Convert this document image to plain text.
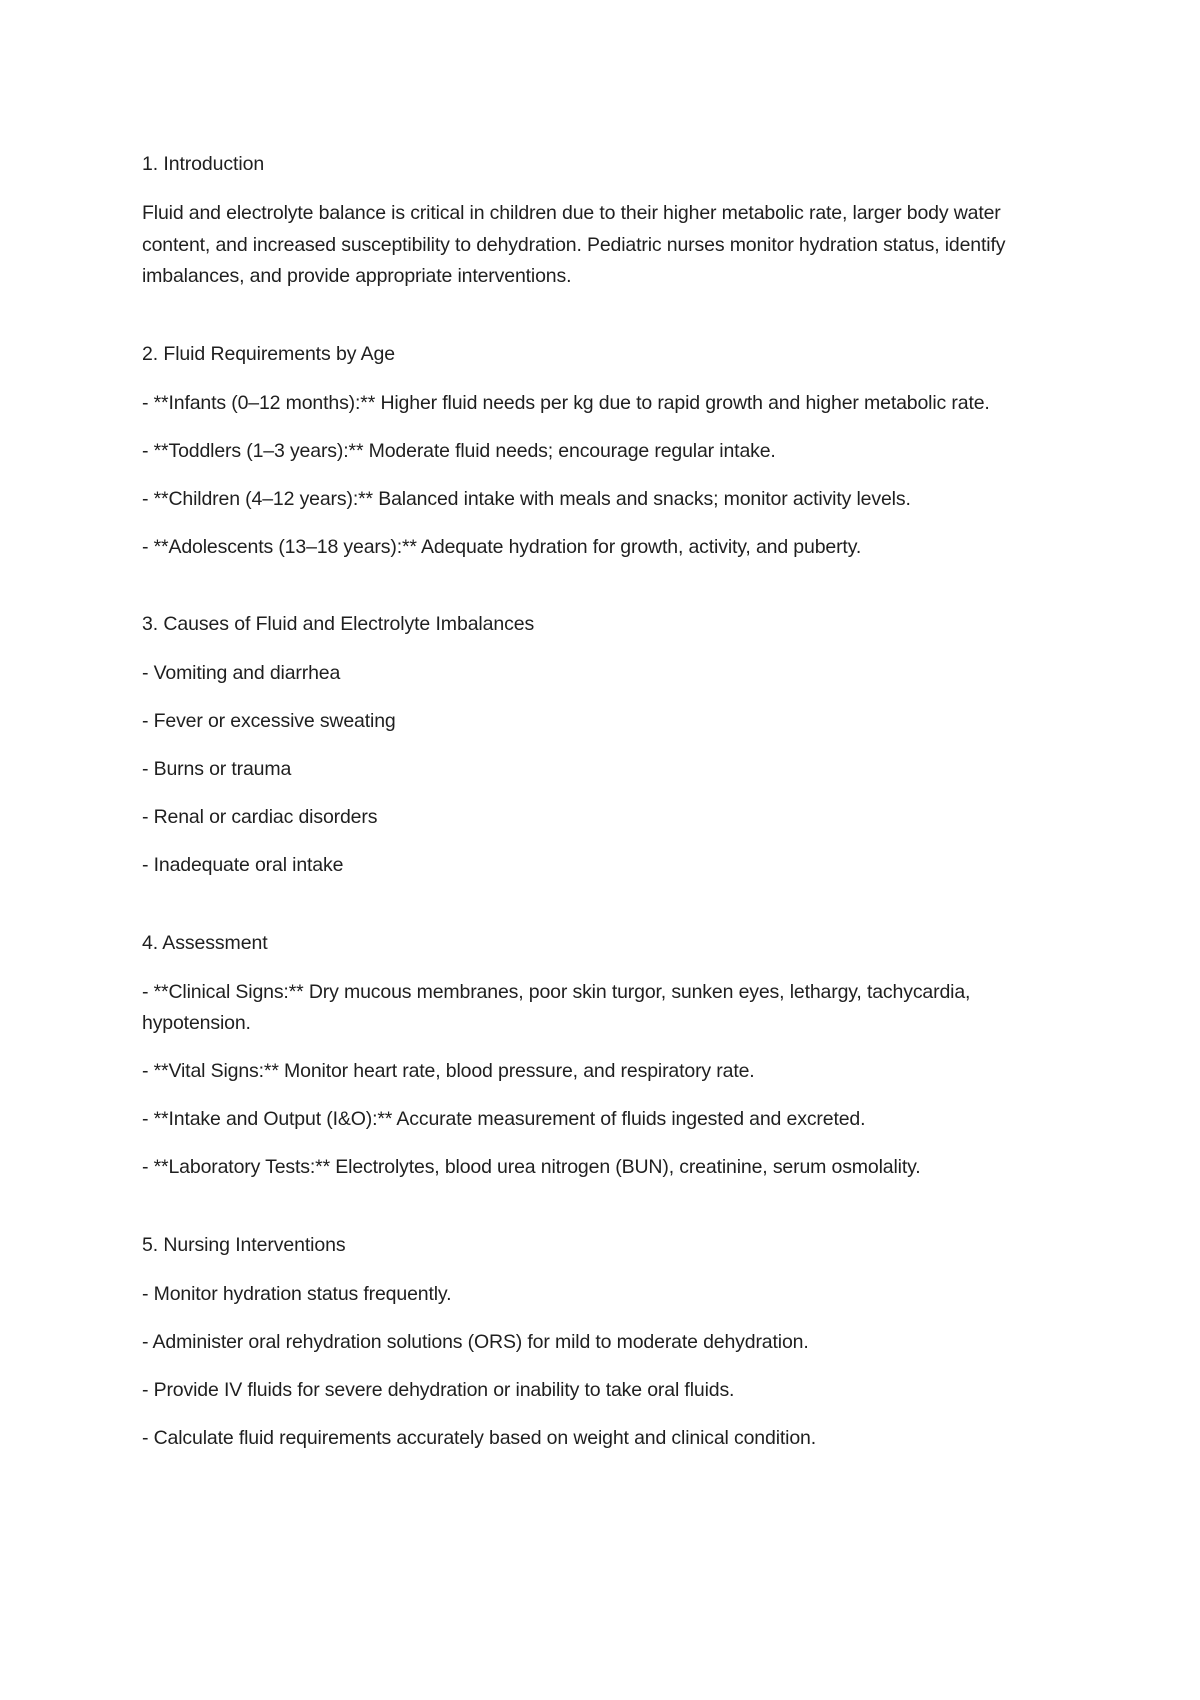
1. Introduction

Fluid and electrolyte balance is critical in children due to their higher metabolic rate, larger body water content, and increased susceptibility to dehydration. Pediatric nurses monitor hydration status, identify imbalances, and provide appropriate interventions.

2. Fluid Requirements by Age

- **Infants (0–12 months):** Higher fluid needs per kg due to rapid growth and higher metabolic rate.

- **Toddlers (1–3 years):** Moderate fluid needs; encourage regular intake.

- **Children (4–12 years):** Balanced intake with meals and snacks; monitor activity levels.

- **Adolescents (13–18 years):** Adequate hydration for growth, activity, and puberty.

3. Causes of Fluid and Electrolyte Imbalances

- Vomiting and diarrhea

- Fever or excessive sweating

- Burns or trauma

- Renal or cardiac disorders

- Inadequate oral intake

4. Assessment

- **Clinical Signs:** Dry mucous membranes, poor skin turgor, sunken eyes, lethargy, tachycardia, hypotension.

- **Vital Signs:** Monitor heart rate, blood pressure, and respiratory rate.

- **Intake and Output (I&O):** Accurate measurement of fluids ingested and excreted.

- **Laboratory Tests:** Electrolytes, blood urea nitrogen (BUN), creatinine, serum osmolality.

5. Nursing Interventions

- Monitor hydration status frequently.

- Administer oral rehydration solutions (ORS) for mild to moderate dehydration.

- Provide IV fluids for severe dehydration or inability to take oral fluids.

- Calculate fluid requirements accurately based on weight and clinical condition.
